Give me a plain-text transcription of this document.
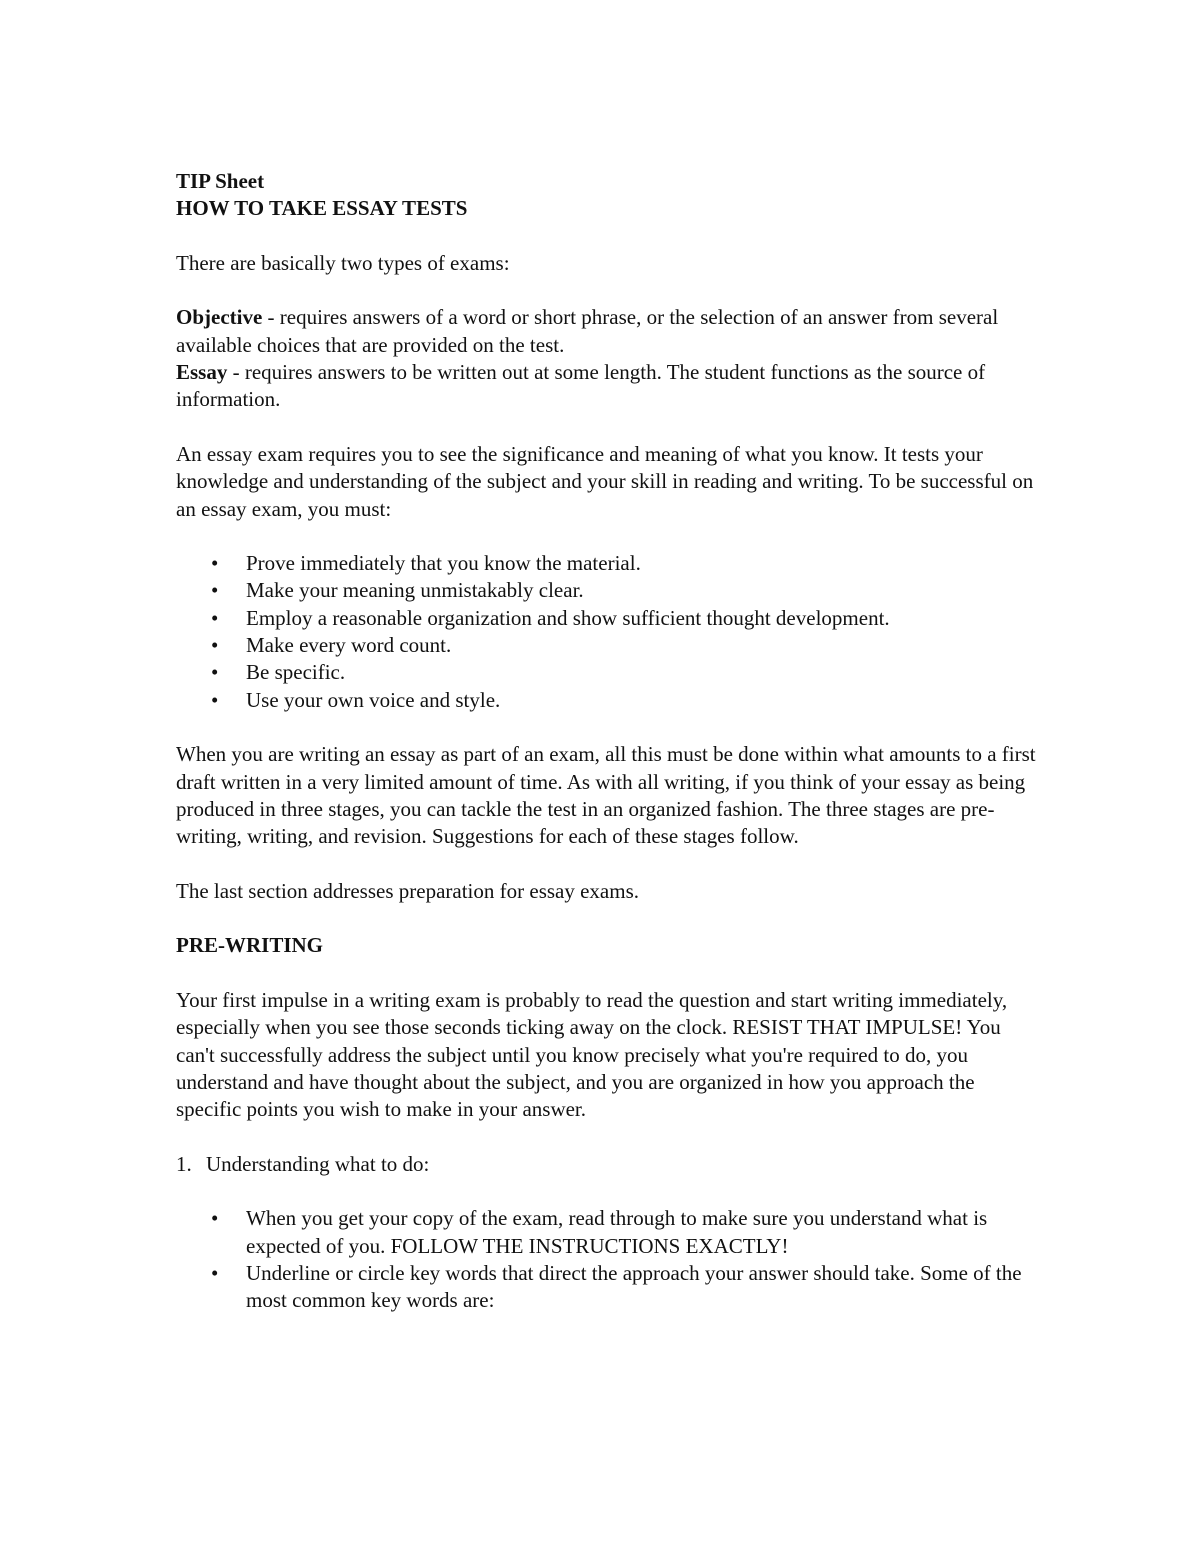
TIP Sheet

HOW TO TAKE ESSAY TESTS

There are basically two types of exams:

Objective - requires answers of a word or short phrase, or the selection of an answer from several available choices that are provided on the test.

Essay - requires answers to be written out at some length. The student functions as the source of information.

An essay exam requires you to see the significance and meaning of what you know. It tests your knowledge and understanding of the subject and your skill in reading and writing. To be successful on an essay exam, you must:

• Prove immediately that you know the material.
• Make your meaning unmistakably clear.
• Employ a reasonable organization and show sufficient thought development.
• Make every word count.
• Be specific.
• Use your own voice and style.

When you are writing an essay as part of an exam, all this must be done within what amounts to a first draft written in a very limited amount of time. As with all writing, if you think of your essay as being produced in three stages, you can tackle the test in an organized fashion. The three stages are pre-writing, writing, and revision. Suggestions for each of these stages follow.

The last section addresses preparation for essay exams.

PRE-WRITING

Your first impulse in a writing exam is probably to read the question and start writing immediately, especially when you see those seconds ticking away on the clock. RESIST THAT IMPULSE! You can't successfully address the subject until you know precisely what you're required to do, you understand and have thought about the subject, and you are organized in how you approach the specific points you wish to make in your answer.

1. Understanding what to do:

• When you get your copy of the exam, read through to make sure you understand what is expected of you. FOLLOW THE INSTRUCTIONS EXACTLY!
• Underline or circle key words that direct the approach your answer should take. Some of the most common key words are:
